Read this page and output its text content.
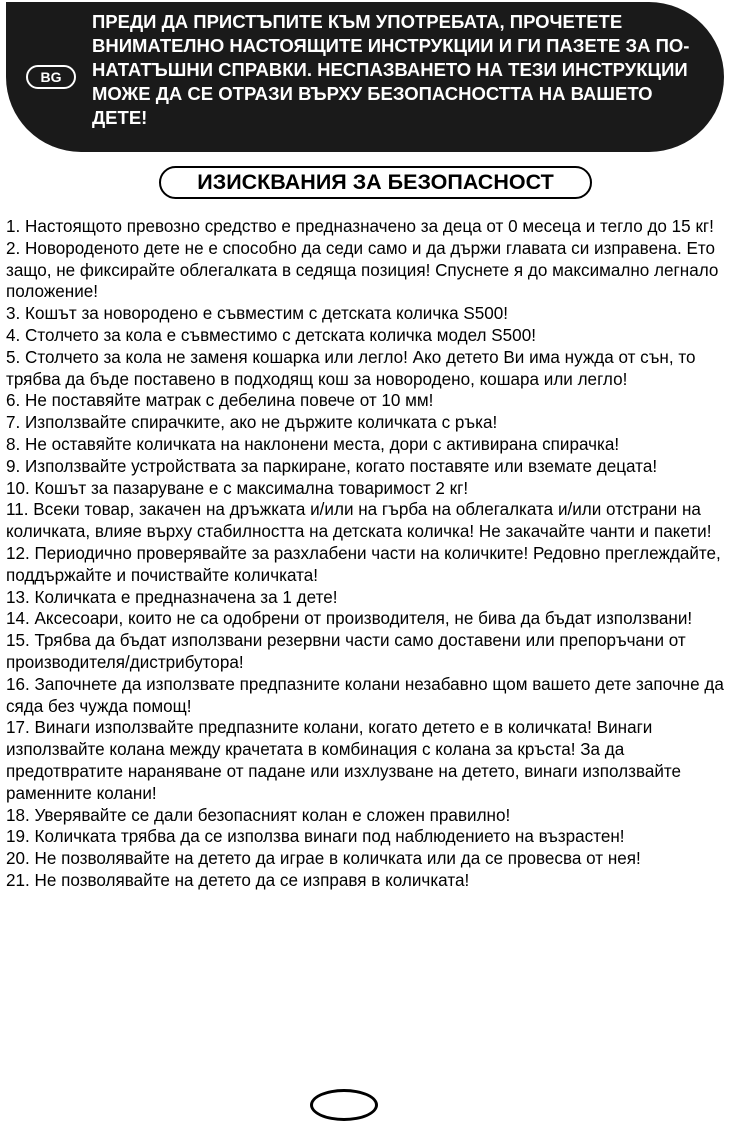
BG

ПРЕДИ ДА ПРИСТЪПИТЕ КЪМ УПОТРЕБАТА, ПРОЧЕТЕТЕ ВНИМАТЕЛНО НАСТОЯЩИТЕ ИНСТРУКЦИИ И ГИ ПАЗЕТЕ ЗА ПО-НАТАТЪШНИ СПРАВКИ. НЕСПАЗВАНЕТО НА ТЕЗИ ИНСТРУКЦИИ МОЖЕ ДА СЕ ОТРАЗИ ВЪРХУ БЕЗОПАСНОСТТА НА ВАШЕТО ДЕТЕ!

ИЗИСКВАНИЯ ЗА БЕЗОПАСНОСТ
1. Настоящото превозно средство е предназначено за деца от 0 месеца и тегло до 15 кг!
2. Новороденото дете не е способно да седи само и да държи главата си изправена. Ето защо, не фиксирайте облегалката в седяща позиция! Спуснете я до максимално легнало положение!
3. Кошът за новородено е съвместим с детската количка S500!
4. Столчето за кола е съвместимо с детската количка модел S500!
5. Столчето за кола не заменя кошарка или легло! Ако детето Ви има нужда от сън, то трябва да бъде поставено в подходящ кош за новородено, кошара или легло!
6. Не поставяйте матрак с дебелина повече от 10 мм!
7. Използвайте спирачките, ако не държите количката с ръка!
8. Не оставяйте количката на наклонени места, дори с активирана спирачка!
9. Използвайте устройствата за паркиране, когато поставяте или вземате децата!
10. Кошът за пазаруване е с максимална товаримост 2 кг!
11. Всеки товар, закачен на дръжката и/или на гърба на облегалката и/или отстрани на количката, влияе върху стабилността на детската количка! Не закачайте чанти и пакети!
12. Периодично проверявайте за разхлабени части на количките! Редовно преглеждайте, поддържайте и почиствайте количката!
13. Количката е предназначена за 1 дете!
14. Аксесоари, които не са одобрени от производителя, не бива да бъдат използвани!
15. Трябва да бъдат използвани резервни части само доставени или препоръчани от производителя/дистрибутора!
16. Започнете да използвате предпазните колани незабавно щом вашето дете започне да сяда без чужда помощ!
17. Винаги използвайте предпазните колани, когато детето е в количката! Винаги използвайте колана между крачетата в комбинация с колана за кръста! За да предотвратите нараняване от падане или изхлузване на детето, винаги използвайте раменните колани!
18. Уверявайте се дали безопасният колан е сложен правилно!
19. Количката трябва да се използва винаги под наблюдението на възрастен!
20. Не позволявайте на детето да играе в количката или да се провесва от нея!
21. Не позволявайте на детето да се изправя в количката!
